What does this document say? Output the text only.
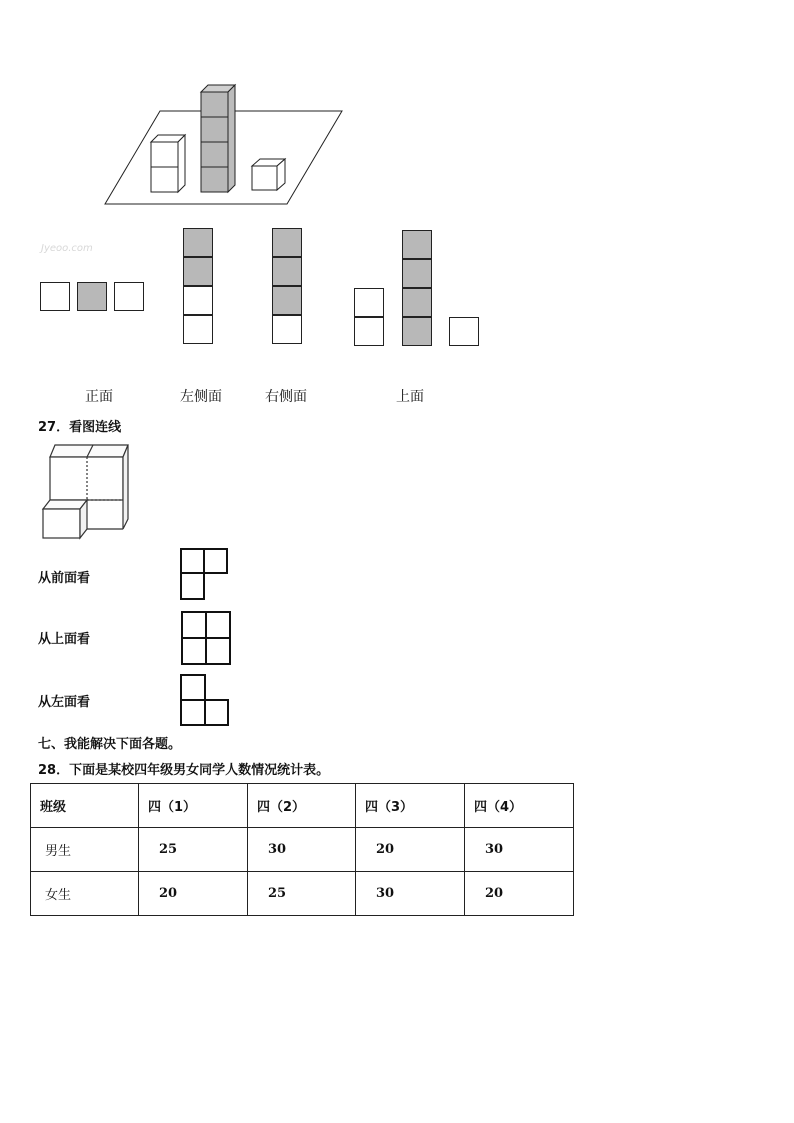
Jyeoo.com
正面	左侧面	右侧面	上面
27．看图连线
从前面看
从上面看
从左面看
七、我能解决下面各题。
28．下面是某校四年级男女同学人数情况统计表。
班级	四（1）	四（2）	四（3）	四（4）
男生	25	30	20	30
女生	20	25	30	20
